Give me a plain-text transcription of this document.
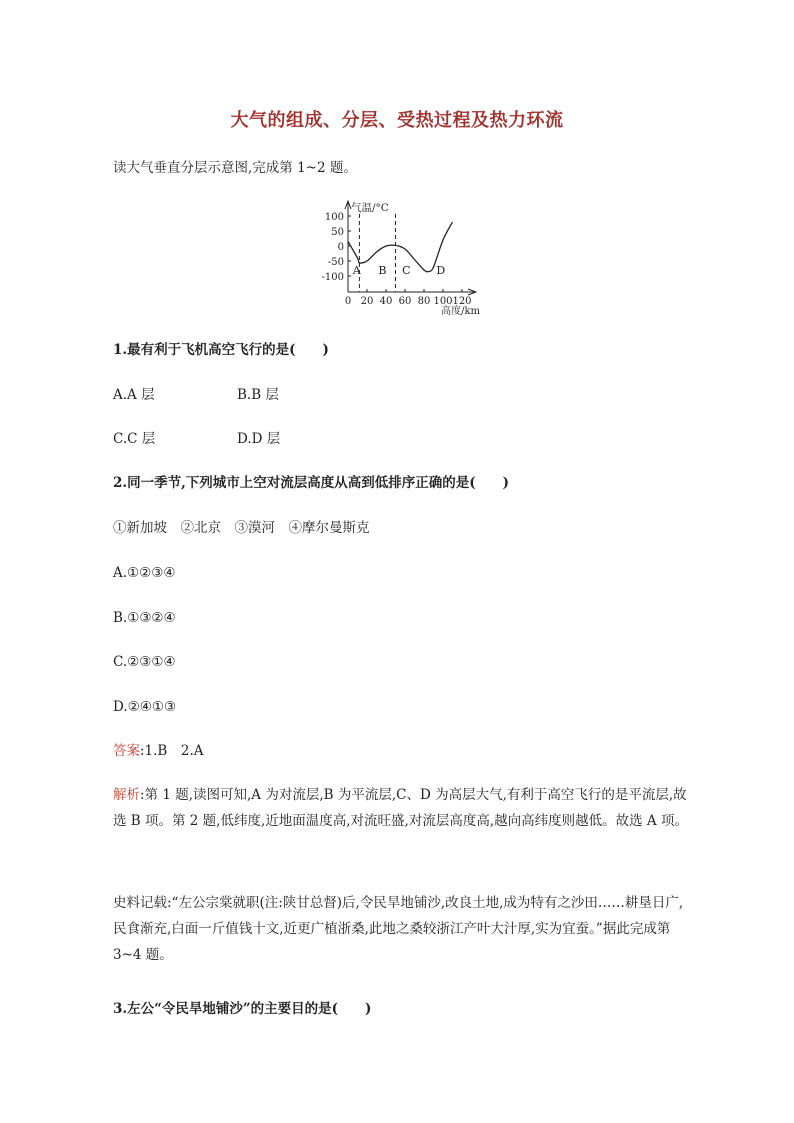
大气的组成、分层、受热过程及热力环流
读大气垂直分层示意图,完成第 1~2 题。
100
50
0
-50
-100
0 20 40 60 80 100 120
气温/°C
高度/km
A B C D
1.最有利于飞机高空飞行的是(　　)
A.A 层	B.B 层
C.C 层	D.D 层
2.同一季节,下列城市上空对流层高度从高到低排序正确的是(　　)
①新加坡　②北京　③漠河　④摩尔曼斯克
A.①②③④
B.①③②④
C.②③①④
D.②④①③
答案:1.B　2.A
解析:第 1 题,读图可知,A 为对流层,B 为平流层,C、D 为高层大气,有利于高空飞行的是平流层,故选 B 项。第 2 题,低纬度,近地面温度高,对流旺盛,对流层高度高,越向高纬度则越低。故选 A 项。
史料记载:“左公宗棠就职(注:陕甘总督)后,令民旱地铺沙,改良土地,成为特有之沙田……耕垦日广,民食渐充,白面一斤值钱十文,近更广植浙桑,此地之桑较浙江产叶大汁厚,实为宜蚕。”据此完成第 3~4 题。
3.左公“令民旱地铺沙”的主要目的是(　　)
